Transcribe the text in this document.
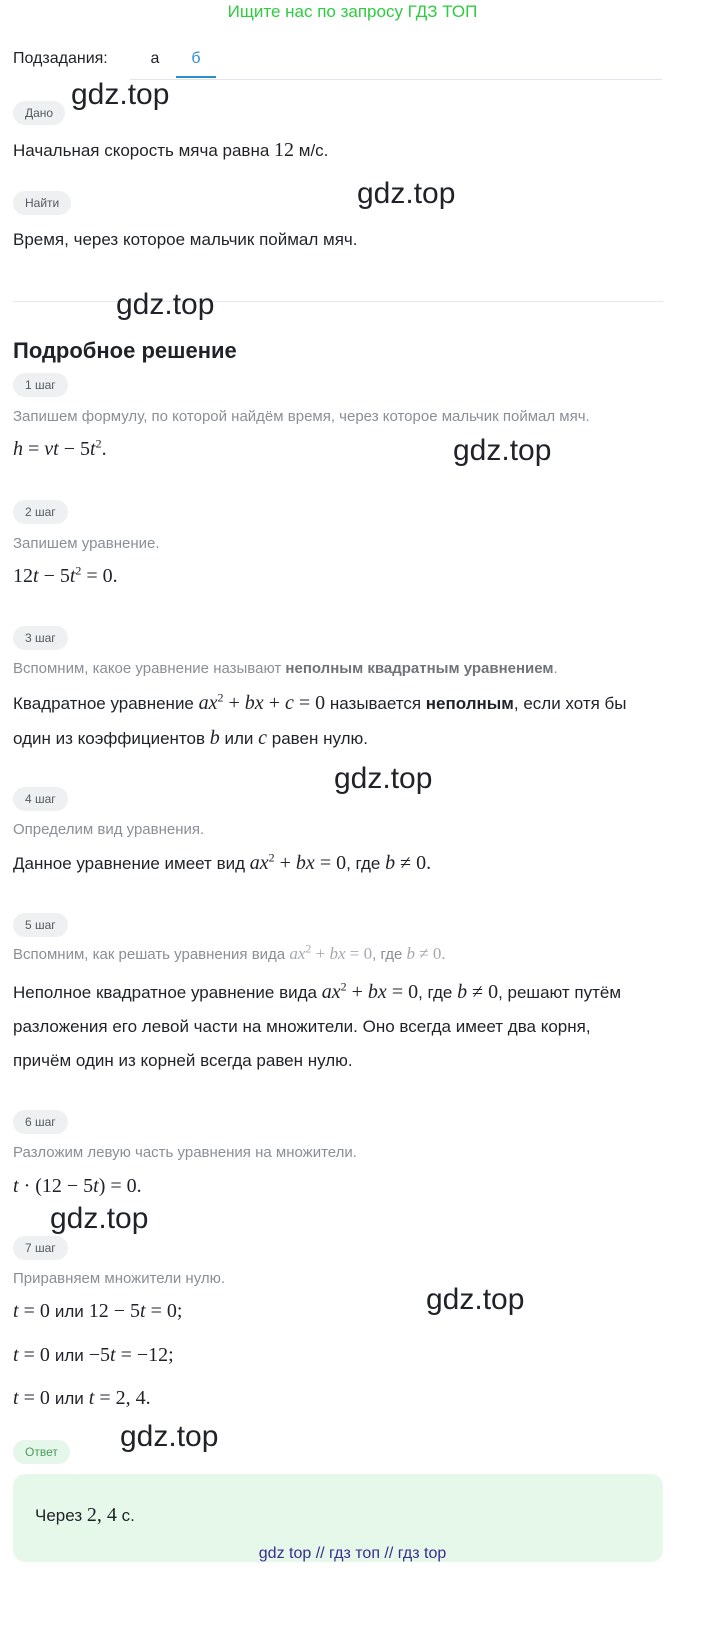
Ищите нас по запросу ГДЗ ТОП
Подзадания:	а	б
Дано
Начальная скорость мяча равна 12 м/с.
Найти
Время, через которое мальчик поймал мяч.
Подробное решение
1 шаг
Запишем формулу, по которой найдём время, через которое мальчик поймал мяч.
h = vt − $5t^2$.
2 шаг
Запишем уравнение.
$12t - 5t^2 = 0$.
3 шаг
Вспомним, какое уравнение называют неполным квадратным уравнением.
Квадратное уравнение $ax^2$ + bx + c = 0 называется неполным, если хотя бы
один из коэффициентов b или c равен нулю.
4 шаг
Определим вид уравнения.
Данное уравнение имеет вид $ax^2$ + bx = 0, где b ≠ 0.
5 шаг
Вспомним, как решать уравнения вида $ax^2$ + bx = 0, где b ≠ 0.
Неполное квадратное уравнение вида $ax^2$ + bx = 0, где b ≠ 0, решают путём
разложения его левой части на множители. Оно всегда имеет два корня,
причём один из корней всегда равен нулю.
6 шаг
Разложим левую часть уравнения на множители.
t · (12 − 5t) = 0.
7 шаг
Приравняем множители нулю.
t = 0 или 12 − 5t = 0;
t = 0 или −5t = −12;
t = 0 или t = 2, 4.
Ответ
Через 2, 4 с.
gdz.top
gdz.top
gdz.top
gdz.top
gdz.top
gdz.top
gdz.top
gdz.top
gdz top // гдз топ // гдз top
